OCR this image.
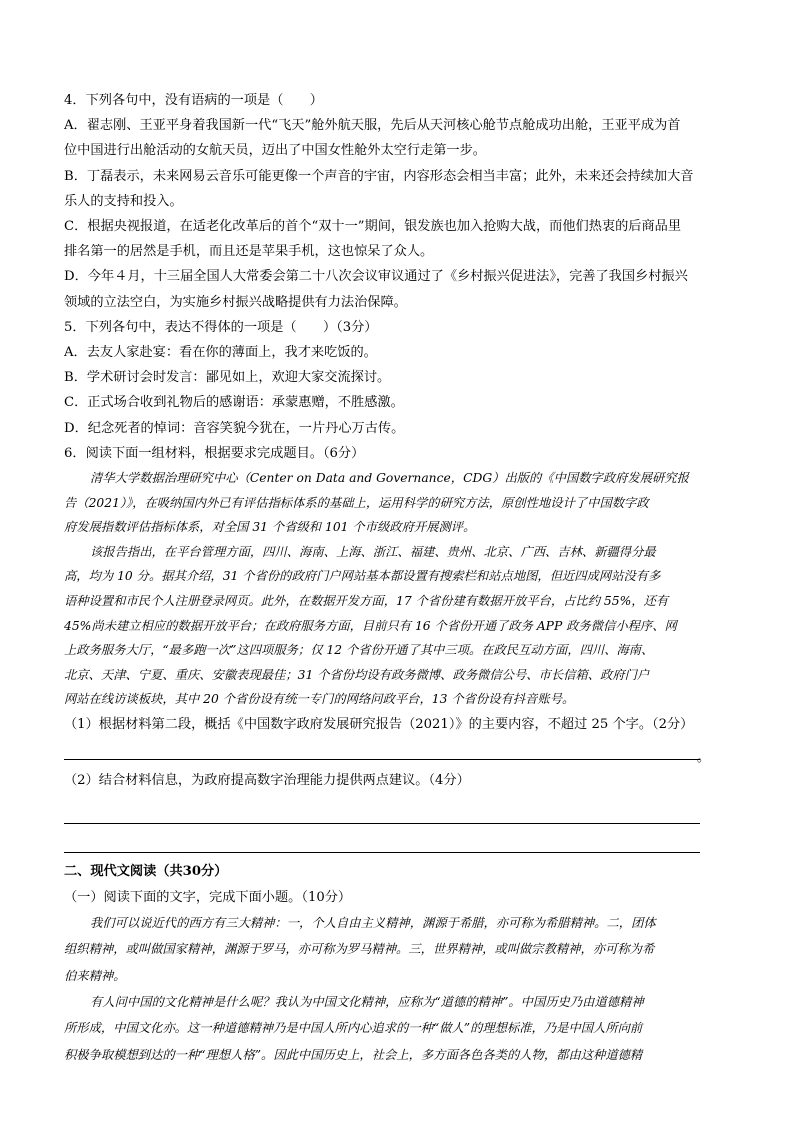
4．下列各句中，没有语病的一项是（　　）
A．翟志刚、王亚平身着我国新一代“飞天”舱外航天服，先后从天河核心舱节点舱成功出舱，王亚平成为首
位中国进行出舱活动的女航天员，迈出了中国女性舱外太空行走第一步。
B．丁磊表示，未来网易云音乐可能更像一个声音的宇宙，内容形态会相当丰富；此外，未来还会持续加大音
乐人的支持和投入。
C．根据央视报道，在适老化改革后的首个“双十一”期间，银发族也加入抢购大战，而他们热衷的后商品里
排名第一的居然是手机，而且还是苹果手机，这也惊呆了众人。
D．今年４月，十三届全国人大常委会第二十八次会议审议通过了《乡村振兴促进法》，完善了我国乡村振兴
领域的立法空白，为实施乡村振兴战略提供有力法治保障。
5．下列各句中，表达不得体的一项是（　　）（3分）
A．去友人家赴宴：看在你的薄面上，我才来吃饭的。
B．学术研讨会时发言：鄙见如上，欢迎大家交流探讨。
C．正式场合收到礼物后的感谢语：承蒙惠赠，不胜感激。
D．纪念死者的悼词：音容笑貌今犹在，一片丹心万古传。
6．阅读下面一组材料，根据要求完成题目。（6分）
清华大学数据治理研究中心（Center on Data and Governance，CDG）出版的《中国数字政府发展研究报
告（2021）》，在吸纳国内外已有评估指标体系的基础上，运用科学的研究方法，原创性地设计了中国数字政
府发展指数评估指标体系，对全国 31 个省级和 101 个市级政府开展测评。
该报告指出，在平台管理方面，四川、海南、上海、浙江、福建、贵州、北京、广西、吉林、新疆得分最
高，均为 10 分。据其介绍，31 个省份的政府门户网站基本都设置有搜索栏和站点地图，但近四成网站没有多
语种设置和市民个人注册登录网页。此外，在数据开发方面，17 个省份建有数据开放平台，占比约 55%，还有
45%尚未建立相应的数据开放平台；在政府服务方面，目前只有 16 个省份开通了政务 APP 政务微信小程序、网
上政务服务大厅，“最多跑一次”这四项服务；仅 12 个省份开通了其中三项。在政民互动方面，四川、海南、
北京、天津、宁夏、重庆、安徽表现最佳；31 个省份均设有政务微博、政务微信公号、市长信箱、政府门户
网站在线访谈板块，其中 20 个省份设有统一专门的网络问政平台，13 个省份设有抖音账号。
（1）根据材料第二段，概括《中国数字政府发展研究报告（2021）》的主要内容，不超过 25 个字。（2分）
。
（2）结合材料信息，为政府提高数字治理能力提供两点建议。（4分）
二、现代文阅读（共30分）
（一）阅读下面的文字，完成下面小题。（10分）
我们可以说近代的西方有三大精神：一，个人自由主义精神，渊源于希腊，亦可称为希腊精神。二，团体
组织精神，或叫做国家精神，渊源于罗马，亦可称为罗马精神。三，世界精神，或叫做宗教精神，亦可称为希
伯来精神。
有人问中国的文化精神是什么呢？我认为中国文化精神，应称为“道德的精神”。中国历史乃由道德精神
所形成，中国文化亦。这一种道德精神乃是中国人所内心追求的一种“做人”的理想标准，乃是中国人所向前
积极争取模想到达的一种“理想人格”。因此中国历史上，社会上，多方面各色各类的人物，都由这种道德精
